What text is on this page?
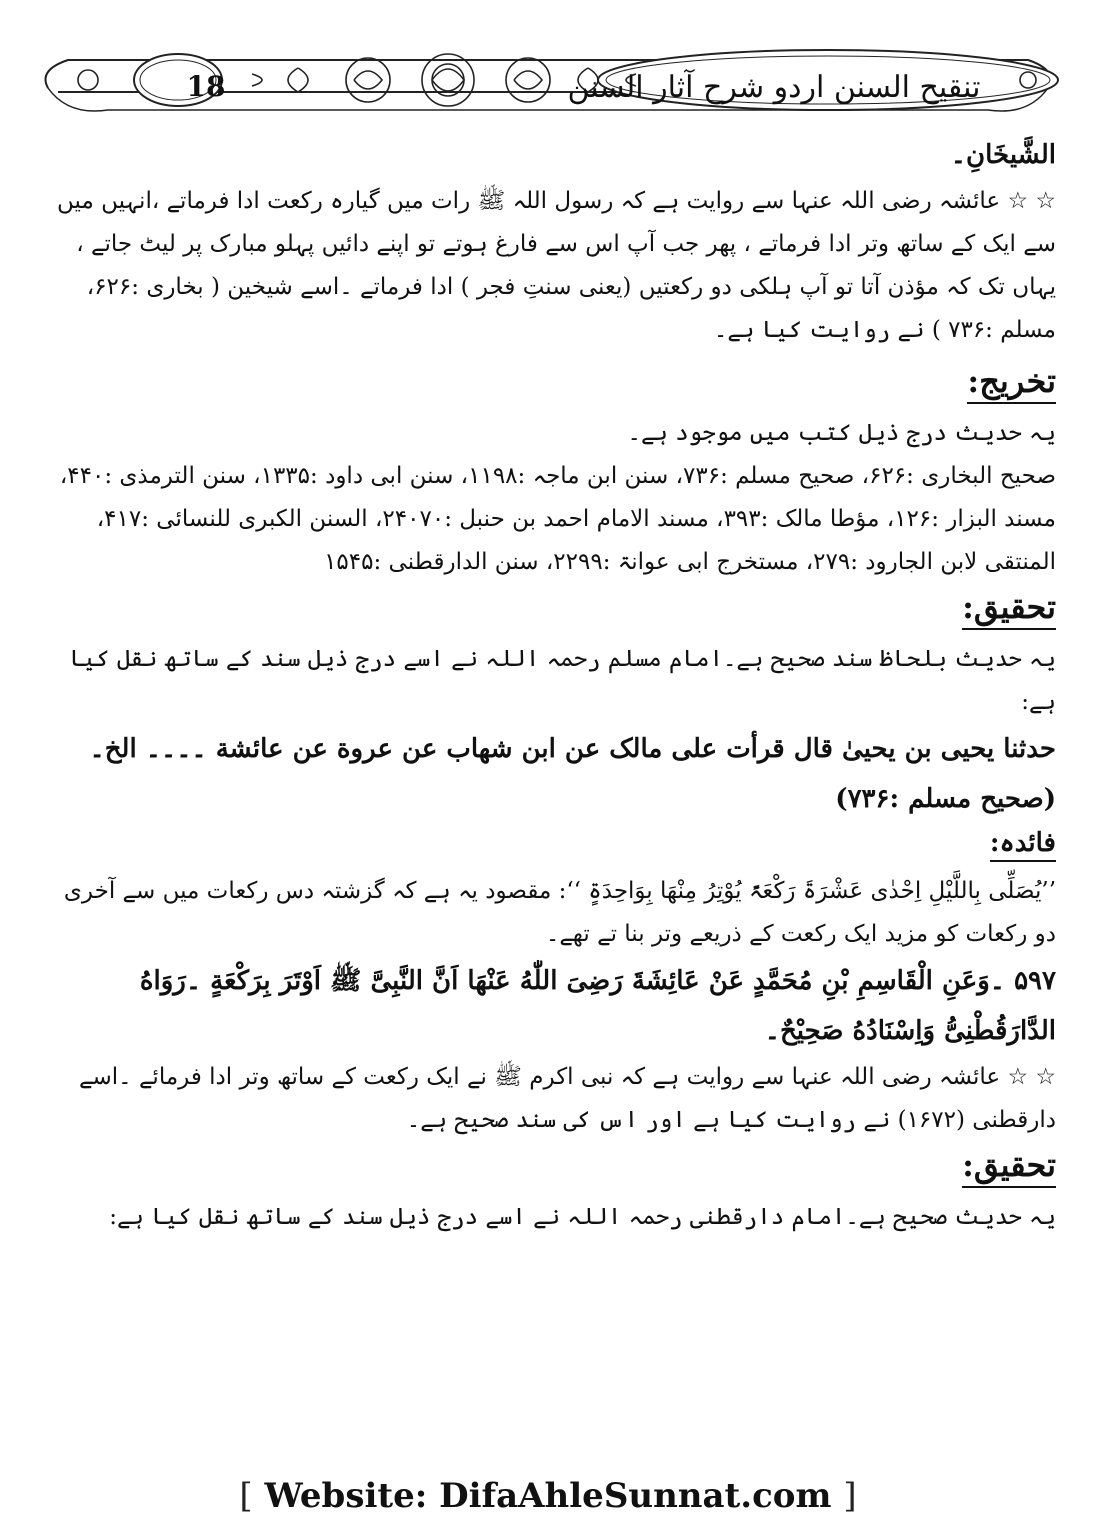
18	تنقیح السنن اردو شرح آثار السنن

الشَّیخَانِ۔

☆ ☆ عائشہ رضی اللہ عنہا سے روایت ہے کہ رسول اللہ ﷺ رات میں گیارہ رکعت ادا فرماتے ،انہیں میں سے ایک کے ساتھ وتر ادا فرماتے ، پھر جب آپ اس سے فارغ ہوتے تو اپنے دائیں پہلو مبارک پر لیٹ جاتے ، یہاں تک کہ مؤذن آتا تو آپ ہلکی دو رکعتیں (یعنی سنتِ فجر ) ادا فرماتے ۔اسے شیخین ( بخاری :۶۲۶، مسلم :۷۳۶ ) نے روایت کیا ہے۔

تخریج:

یہ حدیث درج ذیل کتب میں موجود ہے۔

صحیح البخاری :۶۲۶، صحیح مسلم :۷۳۶، سنن ابن ماجہ :۱۱۹۸، سنن ابی داود :۱۳۳۵، سنن الترمذی :۴۴۰، مسند البزار :۱۲۶، مؤطا مالک :۳۹۳، مسند الامام احمد بن حنبل :۲۴۰۷۰، السنن الکبری للنسائی :۴۱۷، المنتقی لابن الجارود :۲۷۹، مستخرج ابی عوانۃ :۲۲۹۹، سنن الدارقطنی :۱۵۴۵

تحقیق:

یہ حدیث بلحاظ سند صحیح ہے۔امام مسلم رحمہ اللہ نے اسے درج ذیل سند کے ساتھ نقل کیا ہے:

حدثنا یحیی بن یحییٰ قال قرأت علی مالک عن ابن شهاب عن عروة عن عائشة ۔۔۔۔ الخ۔ (صحیح مسلم :۷۳۶)

فائدہ:

’’یُصَلِّی بِاللَّیْلِ اِحْدٰی عَشْرَۃَ رَکْعَۃً یُوْتِرُ مِنْھَا بِوَاحِدَۃٍ ‘‘: مقصود یہ ہے کہ گزشتہ دس رکعات میں سے آخری دو رکعات کو مزید ایک رکعت کے ذریعے وتر بنا تے تھے۔

۵۹۷ ۔وَعَنِ الْقَاسِمِ بْنِ مُحَمَّدٍ عَنْ عَائِشَةَ رَضِیَ اللّٰهُ عَنْهَا اَنَّ النَّبِیَّ ﷺ اَوْتَرَ بِرَکْعَةٍ ۔رَوَاهُ الدَّارَقُطْنِیُّ وَاِسْنَادُهُ صَحِیْحٌ۔

☆ ☆ عائشہ رضی اللہ عنہا سے روایت ہے کہ نبی اکرم ﷺ نے ایک رکعت کے ساتھ وتر ادا فرمائے ۔اسے دارقطنی (۱۶۷۲) نے روایت کیا ہے اور اس کی سند صحیح ہے۔

تحقیق:

یہ حدیث صحیح ہے۔امام دارقطنی رحمہ اللہ نے اسے درج ذیل سند کے ساتھ نقل کیا ہے:

[ Website: DifaAhleSunnat.com ]
